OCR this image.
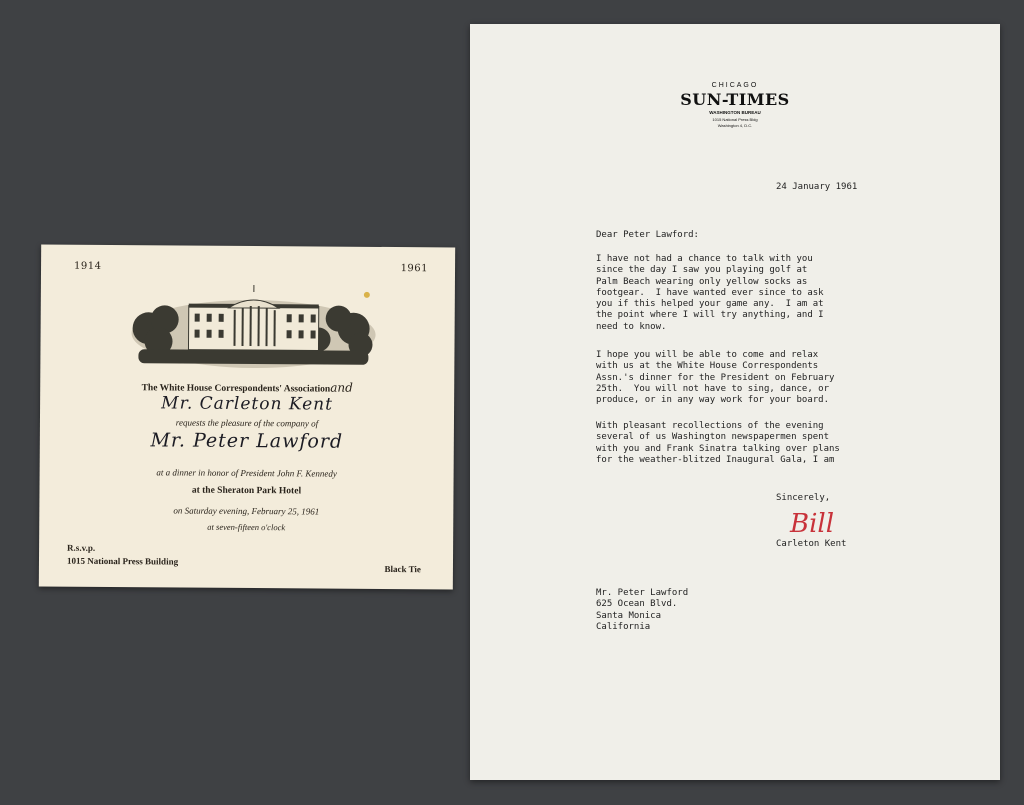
1914	1961
The White House Correspondents' Associationand
Mr. Carleton Kent
requests the pleasure of the company of
Mr. Peter Lawford
at a dinner in honor of President John F. Kennedy
at the Sheraton Park Hotel
on Saturday evening, February 25, 1961
at seven-fifteen o'clock
R.s.v.p.
1015 National Press Building
Black Tie
CHICAGO
SUN-TIMES
WASHINGTON BUREAU
1015 National Press Bldg
Washington 4, D.C.
24 January 1961
Dear Peter Lawford:
I have not had a chance to talk with you
since the day I saw you playing golf at
Palm Beach wearing only yellow socks as
footgear.  I have wanted ever since to ask
you if this helped your game any.  I am at
the point where I will try anything, and I
need to know.
I hope you will be able to come and relax
with us at the White House Correspondents
Assn.'s dinner for the President on February
25th.  You will not have to sing, dance, or
produce, or in any way work for your board.
With pleasant recollections of the evening
several of us Washington newspapermen spent
with you and Frank Sinatra talking over plans
for the weather-blitzed Inaugural Gala, I am
Sincerely,
Bill
Carleton Kent
Mr. Peter Lawford
625 Ocean Blvd.
Santa Monica
California
